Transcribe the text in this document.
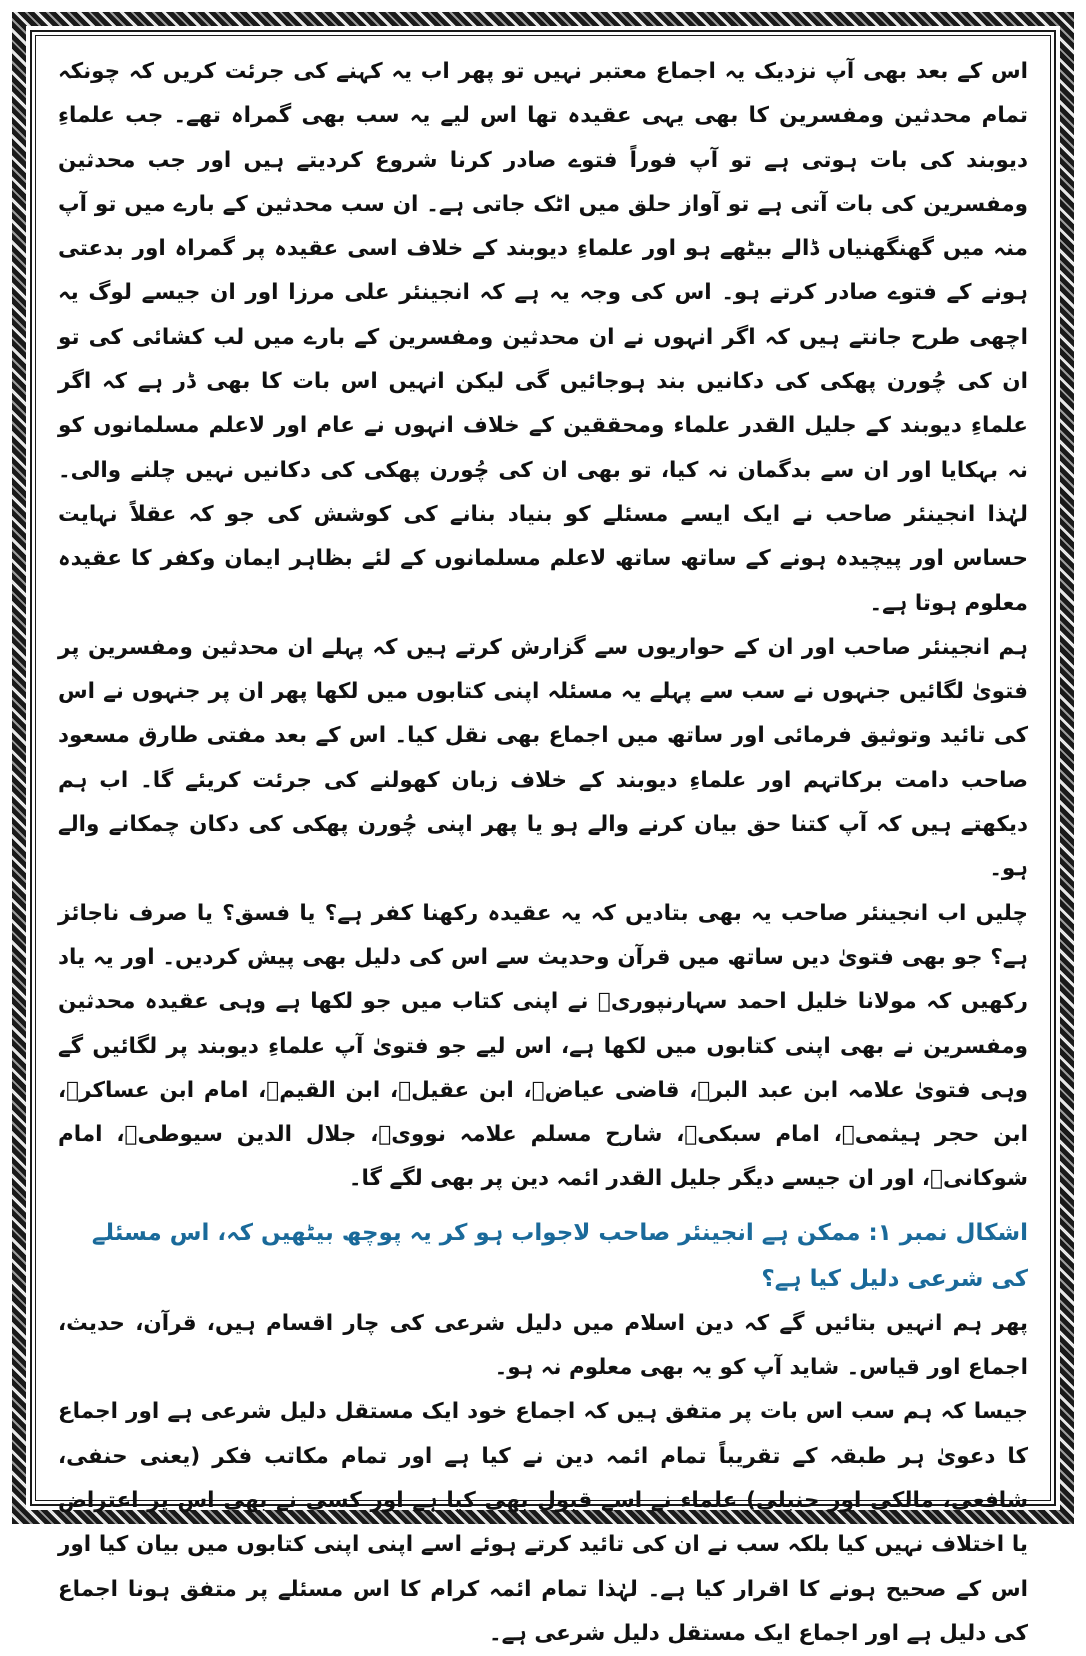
اس کے بعد بھی آپ نزدیک یہ اجماع معتبر نہیں تو پھر اب یہ کہنے کی جرئت کریں کہ چونکہ تمام محدثین ومفسرین کا بھی یہی عقیدہ تھا اس لیے یہ سب بھی گمراہ تھے۔ جب علماءِ دیوبند کی بات ہوتی ہے تو آپ فوراً فتوے صادر کرنا شروع کردیتے ہیں اور جب محدثین ومفسرین کی بات آتی ہے تو آواز حلق میں اٹک جاتی ہے۔ ان سب محدثین کے بارے میں تو آپ منہ میں گھنگھنیاں ڈالے بیٹھے ہو اور علماءِ دیوبند کے خلاف اسی عقیدہ پر گمراہ اور بدعتی ہونے کے فتوے صادر کرتے ہو۔ اس کی وجہ یہ ہے کہ انجینئر علی مرزا اور ان جیسے لوگ یہ اچھی طرح جانتے ہیں کہ اگر انہوں نے ان محدثین ومفسرین کے بارے میں لب کشائی کی تو ان کی چُورن پھکی کی دکانیں بند ہوجائیں گی لیکن انہیں اس بات کا بھی ڈر ہے کہ اگر علماءِ دیوبند کے جلیل القدر علماء ومحققین کے خلاف انہوں نے عام اور لاعلم مسلمانوں کو نہ بہکایا اور ان سے بدگمان نہ کیا، تو بھی ان کی چُورن پھکی کی دکانیں نہیں چلنے والی۔ لہٰذا انجینئر صاحب نے ایک ایسے مسئلے کو بنیاد بنانے کی کوشش کی جو کہ عقلاً نہایت حساس اور پیچیدہ ہونے کے ساتھ ساتھ لاعلم مسلمانوں کے لئے بظاہر ایمان وکفر کا عقیدہ معلوم ہوتا ہے۔

ہم انجینئر صاحب اور ان کے حواریوں سے گزارش کرتے ہیں کہ پہلے ان محدثین ومفسرین پر فتویٰ لگائیں جنہوں نے سب سے پہلے یہ مسئلہ اپنی کتابوں میں لکھا پھر ان پر جنہوں نے اس کی تائید وتوثیق فرمائی اور ساتھ میں اجماع بھی نقل کیا۔ اس کے بعد مفتی طارق مسعود صاحب دامت برکاتہم اور علماءِ دیوبند کے خلاف زبان کھولنے کی جرئت کریئے گا۔ اب ہم دیکھتے ہیں کہ آپ کتنا حق بیان کرنے والے ہو یا پھر اپنی چُورن پھکی کی دکان چمکانے والے ہو۔

چلیں اب انجینئر صاحب یہ بھی بتادیں کہ یہ عقیدہ رکھنا کفر ہے؟ یا فسق؟ یا صرف ناجائز ہے؟ جو بھی فتویٰ دیں ساتھ میں قرآن وحدیث سے اس کی دلیل بھی پیش کردیں۔ اور یہ یاد رکھیں کہ مولانا خلیل احمد سہارنپوریؒ نے اپنی کتاب میں جو لکھا ہے وہی عقیدہ محدثین ومفسرین نے بھی اپنی کتابوں میں لکھا ہے، اس لیے جو فتویٰ آپ علماءِ دیوبند پر لگائیں گے وہی فتویٰ علامہ ابن عبد البرؒ، قاضی عیاضؒ، ابن عقیلؒ، ابن القیمؒ، امام ابن عساکرؒ، ابن حجر ہیثمیؒ، امام سبکیؒ، شارح مسلم علامہ نوویؒ، جلال الدین سیوطیؒ، امام شوکانیؒ، اور ان جیسے دیگر جلیل القدر ائمہ دین پر بھی لگے گا۔

اشکال نمبر ۱: ممکن ہے انجینئر صاحب لاجواب ہو کر یہ پوچھ بیٹھیں کہ، اس مسئلے کی شرعی دلیل کیا ہے؟

پھر ہم انہیں بتائیں گے کہ دین اسلام میں دلیل شرعی کی چار اقسام ہیں، قرآن، حدیث، اجماع اور قیاس۔ شاید آپ کو یہ بھی معلوم نہ ہو۔

جیسا کہ ہم سب اس بات پر متفق ہیں کہ اجماع خود ایک مستقل دلیل شرعی ہے اور اجماع کا دعویٰ ہر طبقہ کے تقریباً تمام ائمہ دین نے کیا ہے اور تمام مکاتب فکر (یعنی حنفی، شافعی، مالکی اور حنبلی) علماء نے اسے قبول بھی کیا ہے اور کسی نے بھی اس پر اعتراض یا اختلاف نہیں کیا بلکہ سب نے ان کی تائید کرتے ہوئے اسے اپنی اپنی کتابوں میں بیان کیا اور اس کے صحیح ہونے کا اقرار کیا ہے۔ لہٰذا تمام ائمہ کرام کا اس مسئلے پر متفق ہونا اجماع کی دلیل ہے اور اجماع ایک مستقل دلیل شرعی ہے۔
